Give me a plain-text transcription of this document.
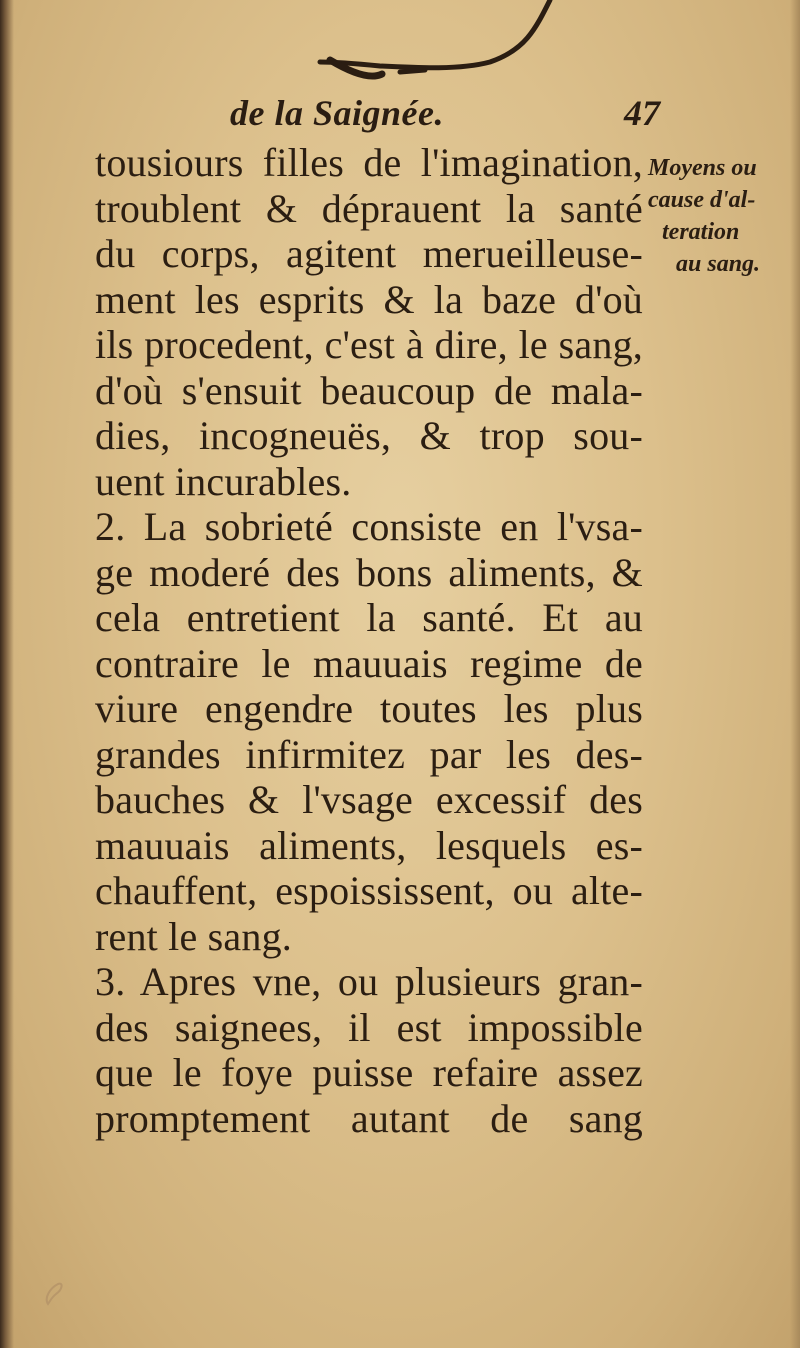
de la Saignée.	47
tousiours filles de l'imagination,
troublent & déprauent la santé
du corps, agitent merueilleuse-
ment les esprits & la baze d'où
ils procedent, c'est à dire, le sang,
d'où s'ensuit beaucoup de mala-
dies, incogneuës, & trop sou-
uent incurables.
2. La sobrieté consiste en l'vsa-
ge moderé des bons aliments, &
cela entretient la santé. Et au
contraire le mauuais regime de
viure engendre toutes les plus
grandes infirmitez par les des-
bauches & l'vsage excessif des
mauuais aliments, lesquels es-
chauffent, espoississent, ou alte-
rent le sang.
3. Apres vne, ou plusieurs gran-
des saignees, il est impossible
que le foye puisse refaire assez
promptement autant de sang
Moyens ou
cause d'al-
teration
au sang.
